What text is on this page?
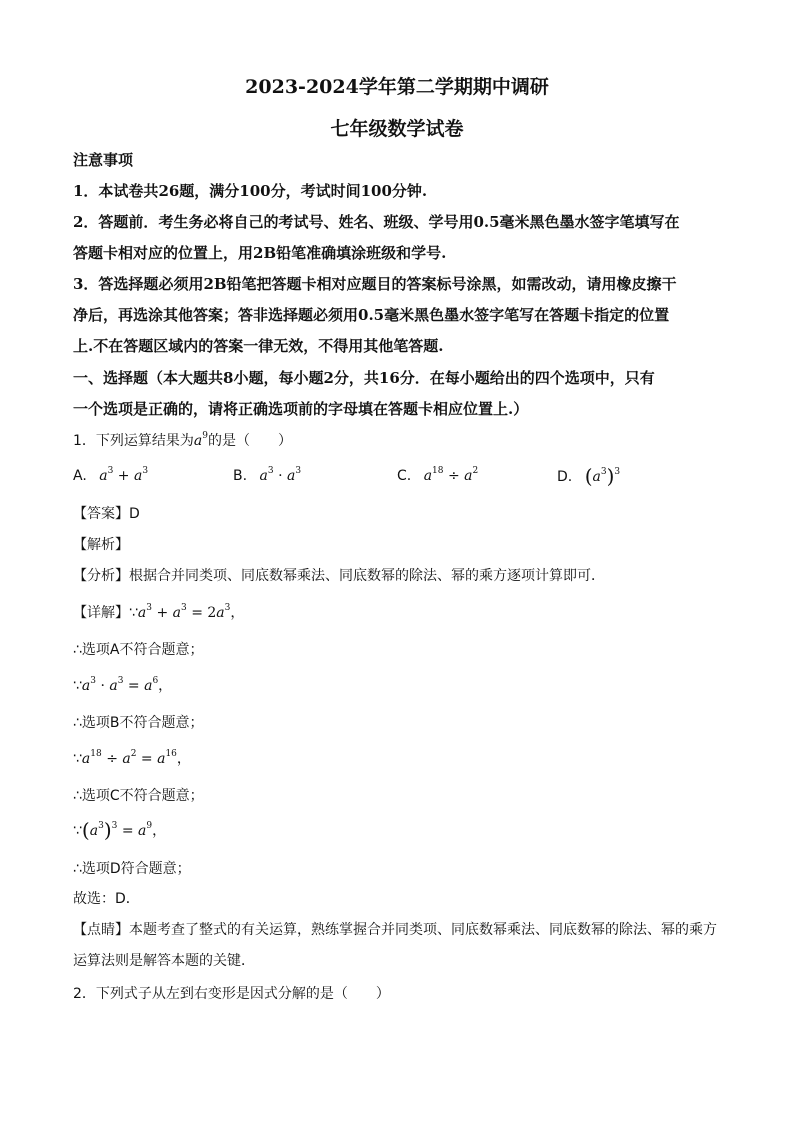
2023-2024学年第二学期期中调研
七年级数学试卷
注意事项
1．本试卷共26题，满分100分，考试时间100分钟.
2．答题前．考生务必将自己的考试号、姓名、班级、学号用0.5毫米黑色墨水签字笔填写在
答题卡相对应的位置上，用2B铅笔准确填涂班级和学号.
3．答选择题必须用2B铅笔把答题卡相对应题目的答案标号涂黑，如需改动，请用橡皮擦干
净后，再选涂其他答案；答非选择题必须用0.5毫米黑色墨水签字笔写在答题卡指定的位置
上.不在答题区域内的答案一律无效，不得用其他笔答题.
一、选择题（本大题共8小题，每小题2分，共16分．在每小题给出的四个选项中，只有
一个选项是正确的，请将正确选项前的字母填在答题卡相应位置上.）
1．下列运算结果为$a^9$的是（　　）
A. $a^3 + a^3$	B. $a^3 \cdot a^3$	C. $a^{18} \div a^2$	D. $(a^3)^3$
【答案】D
【解析】
【分析】根据合并同类项、同底数幂乘法、同底数幂的除法、幂的乘方逐项计算即可．
【详解】$\because a^3 + a^3 = 2a^3$，
∴选项A不符合题意；
$\because a^3 \cdot a^3 = a^6$，
∴选项B不符合题意；
$\because a^{18} \div a^2 = a^{16}$，
∴选项C不符合题意；
$\because(a^3)^3 = a^9$，
∴选项D符合题意；
故选：D．
【点睛】本题考查了整式的有关运算，熟练掌握合并同类项、同底数幂乘法、同底数幂的除法、幂的乘方
运算法则是解答本题的关键．
2．下列式子从左到右变形是因式分解的是（　　）
